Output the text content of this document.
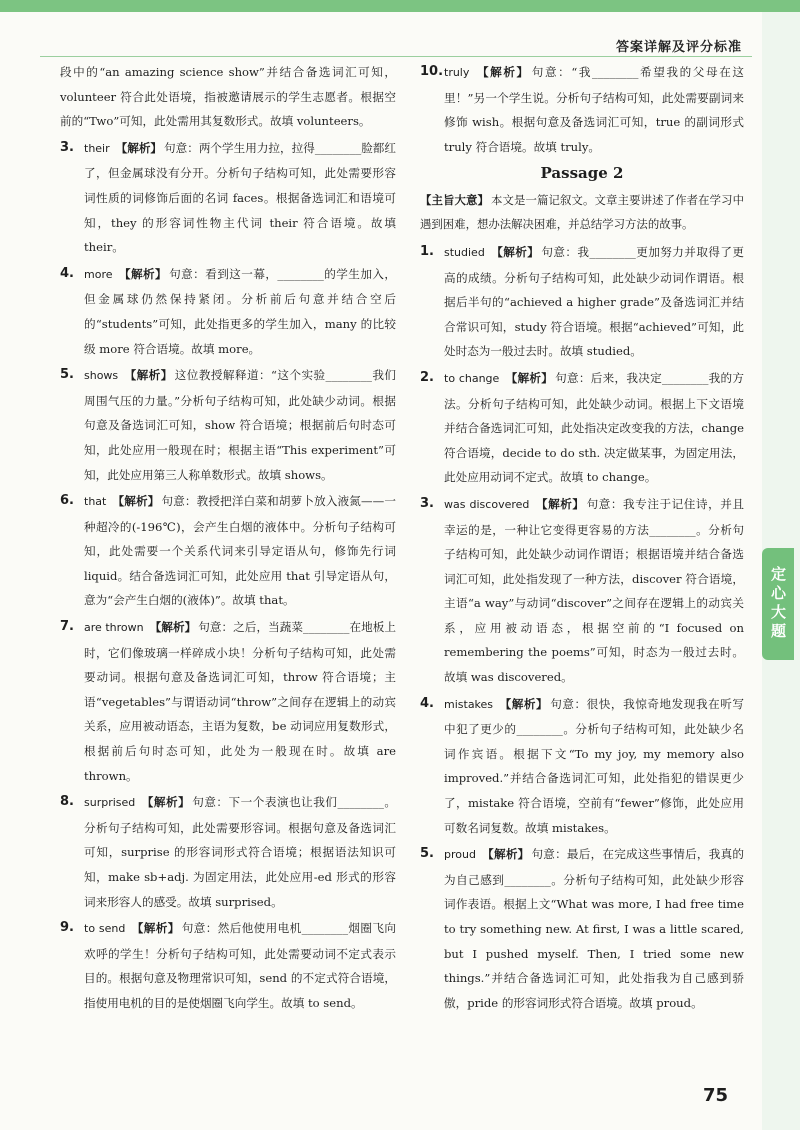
答案详解及评分标准
定心大题
段中的“an amazing science show”并结合备选词汇可知，volunteer 符合此处语境，指被邀请展示的学生志愿者。根据空前的“Two”可知，此处需用其复数形式。故填 volunteers。
3. their 【解析】 句意：两个学生用力拉，拉得________脸都红了，但金属球没有分开。分析句子结构可知，此处需要形容词性质的词修饰后面的名词 faces。根据备选词汇和语境可知，they 的形容词性物主代词 their 符合语境。故填 their。
4. more 【解析】 句意：看到这一幕，________的学生加入，但金属球仍然保持紧闭。分析前后句意并结合空后的“students”可知，此处指更多的学生加入，many 的比较级 more 符合语境。故填 more。
5. shows 【解析】 这位教授解释道：“这个实验________我们周围气压的力量。”分析句子结构可知，此处缺少动词。根据句意及备选词汇可知，show 符合语境；根据前后句时态可知，此处应用一般现在时；根据主语“This experiment”可知，此处应用第三人称单数形式。故填 shows。
6. that 【解析】 句意：教授把洋白菜和胡萝卜放入液氮——一种超冷的(-196℃)，会产生白烟的液体中。分析句子结构可知，此处需要一个关系代词来引导定语从句，修饰先行词 liquid。结合备选词汇可知，此处应用 that 引导定语从句，意为“会产生白烟的(液体)”。故填 that。
7. are thrown 【解析】 句意：之后，当蔬菜________在地板上时，它们像玻璃一样碎成小块！分析句子结构可知，此处需要动词。根据句意及备选词汇可知，throw 符合语境；主语“vegetables”与谓语动词“throw”之间存在逻辑上的动宾关系，应用被动语态，主语为复数，be 动词应用复数形式，根据前后句时态可知，此处为一般现在时。故填 are thrown。
8. surprised 【解析】 句意：下一个表演也让我们________。分析句子结构可知，此处需要形容词。根据句意及备选词汇可知，surprise 的形容词形式符合语境；根据语法知识可知，make sb+adj. 为固定用法，此处应用-ed 形式的形容词来形容人的感受。故填 surprised。
9. to send 【解析】 句意：然后他使用电机________烟圈飞向欢呼的学生！分析句子结构可知，此处需要动词不定式表示目的。根据句意及物理常识可知，send 的不定式符合语境，指使用电机的目的是使烟圈飞向学生。故填 to send。
10. truly 【解析】 句意：“我________希望我的父母在这里！”另一个学生说。分析句子结构可知，此处需要副词来修饰 wish。根据句意及备选词汇可知，true 的副词形式 truly 符合语境。故填 truly。
Passage 2
【主旨大意】 本文是一篇记叙文。文章主要讲述了作者在学习中遇到困难，想办法解决困难，并总结学习方法的故事。
1. studied 【解析】 句意：我________更加努力并取得了更高的成绩。分析句子结构可知，此处缺少动词作谓语。根据后半句的“achieved a higher grade”及备选词汇并结合常识可知，study 符合语境。根据“achieved”可知，此处时态为一般过去时。故填 studied。
2. to change 【解析】 句意：后来，我决定________我的方法。分析句子结构可知，此处缺少动词。根据上下文语境并结合备选词汇可知，此处指决定改变我的方法，change 符合语境，decide to do sth. 决定做某事，为固定用法，此处应用动词不定式。故填 to change。
3. was discovered 【解析】 句意：我专注于记住诗，并且幸运的是，一种让它变得更容易的方法________。分析句子结构可知，此处缺少动词作谓语；根据语境并结合备选词汇可知，此处指发现了一种方法，discover 符合语境，主语“a way”与动词“discover”之间存在逻辑上的动宾关系，应用被动语态，根据空前的“I focused on remembering the poems”可知，时态为一般过去时。故填 was discovered。
4. mistakes 【解析】 句意：很快，我惊奇地发现我在听写中犯了更少的________。分析句子结构可知，此处缺少名词作宾语。根据下文“To my joy, my memory also improved.”并结合备选词汇可知，此处指犯的错误更少了，mistake 符合语境，空前有“fewer”修饰，此处应用可数名词复数。故填 mistakes。
5. proud 【解析】 句意：最后，在完成这些事情后，我真的为自己感到________。分析句子结构可知，此处缺少形容词作表语。根据上文“What was more, I had free time to try something new. At first, I was a little scared, but I pushed myself. Then, I tried some new things.”并结合备选词汇可知，此处指我为自己感到骄傲，pride 的形容词形式符合语境。故填 proud。
75
